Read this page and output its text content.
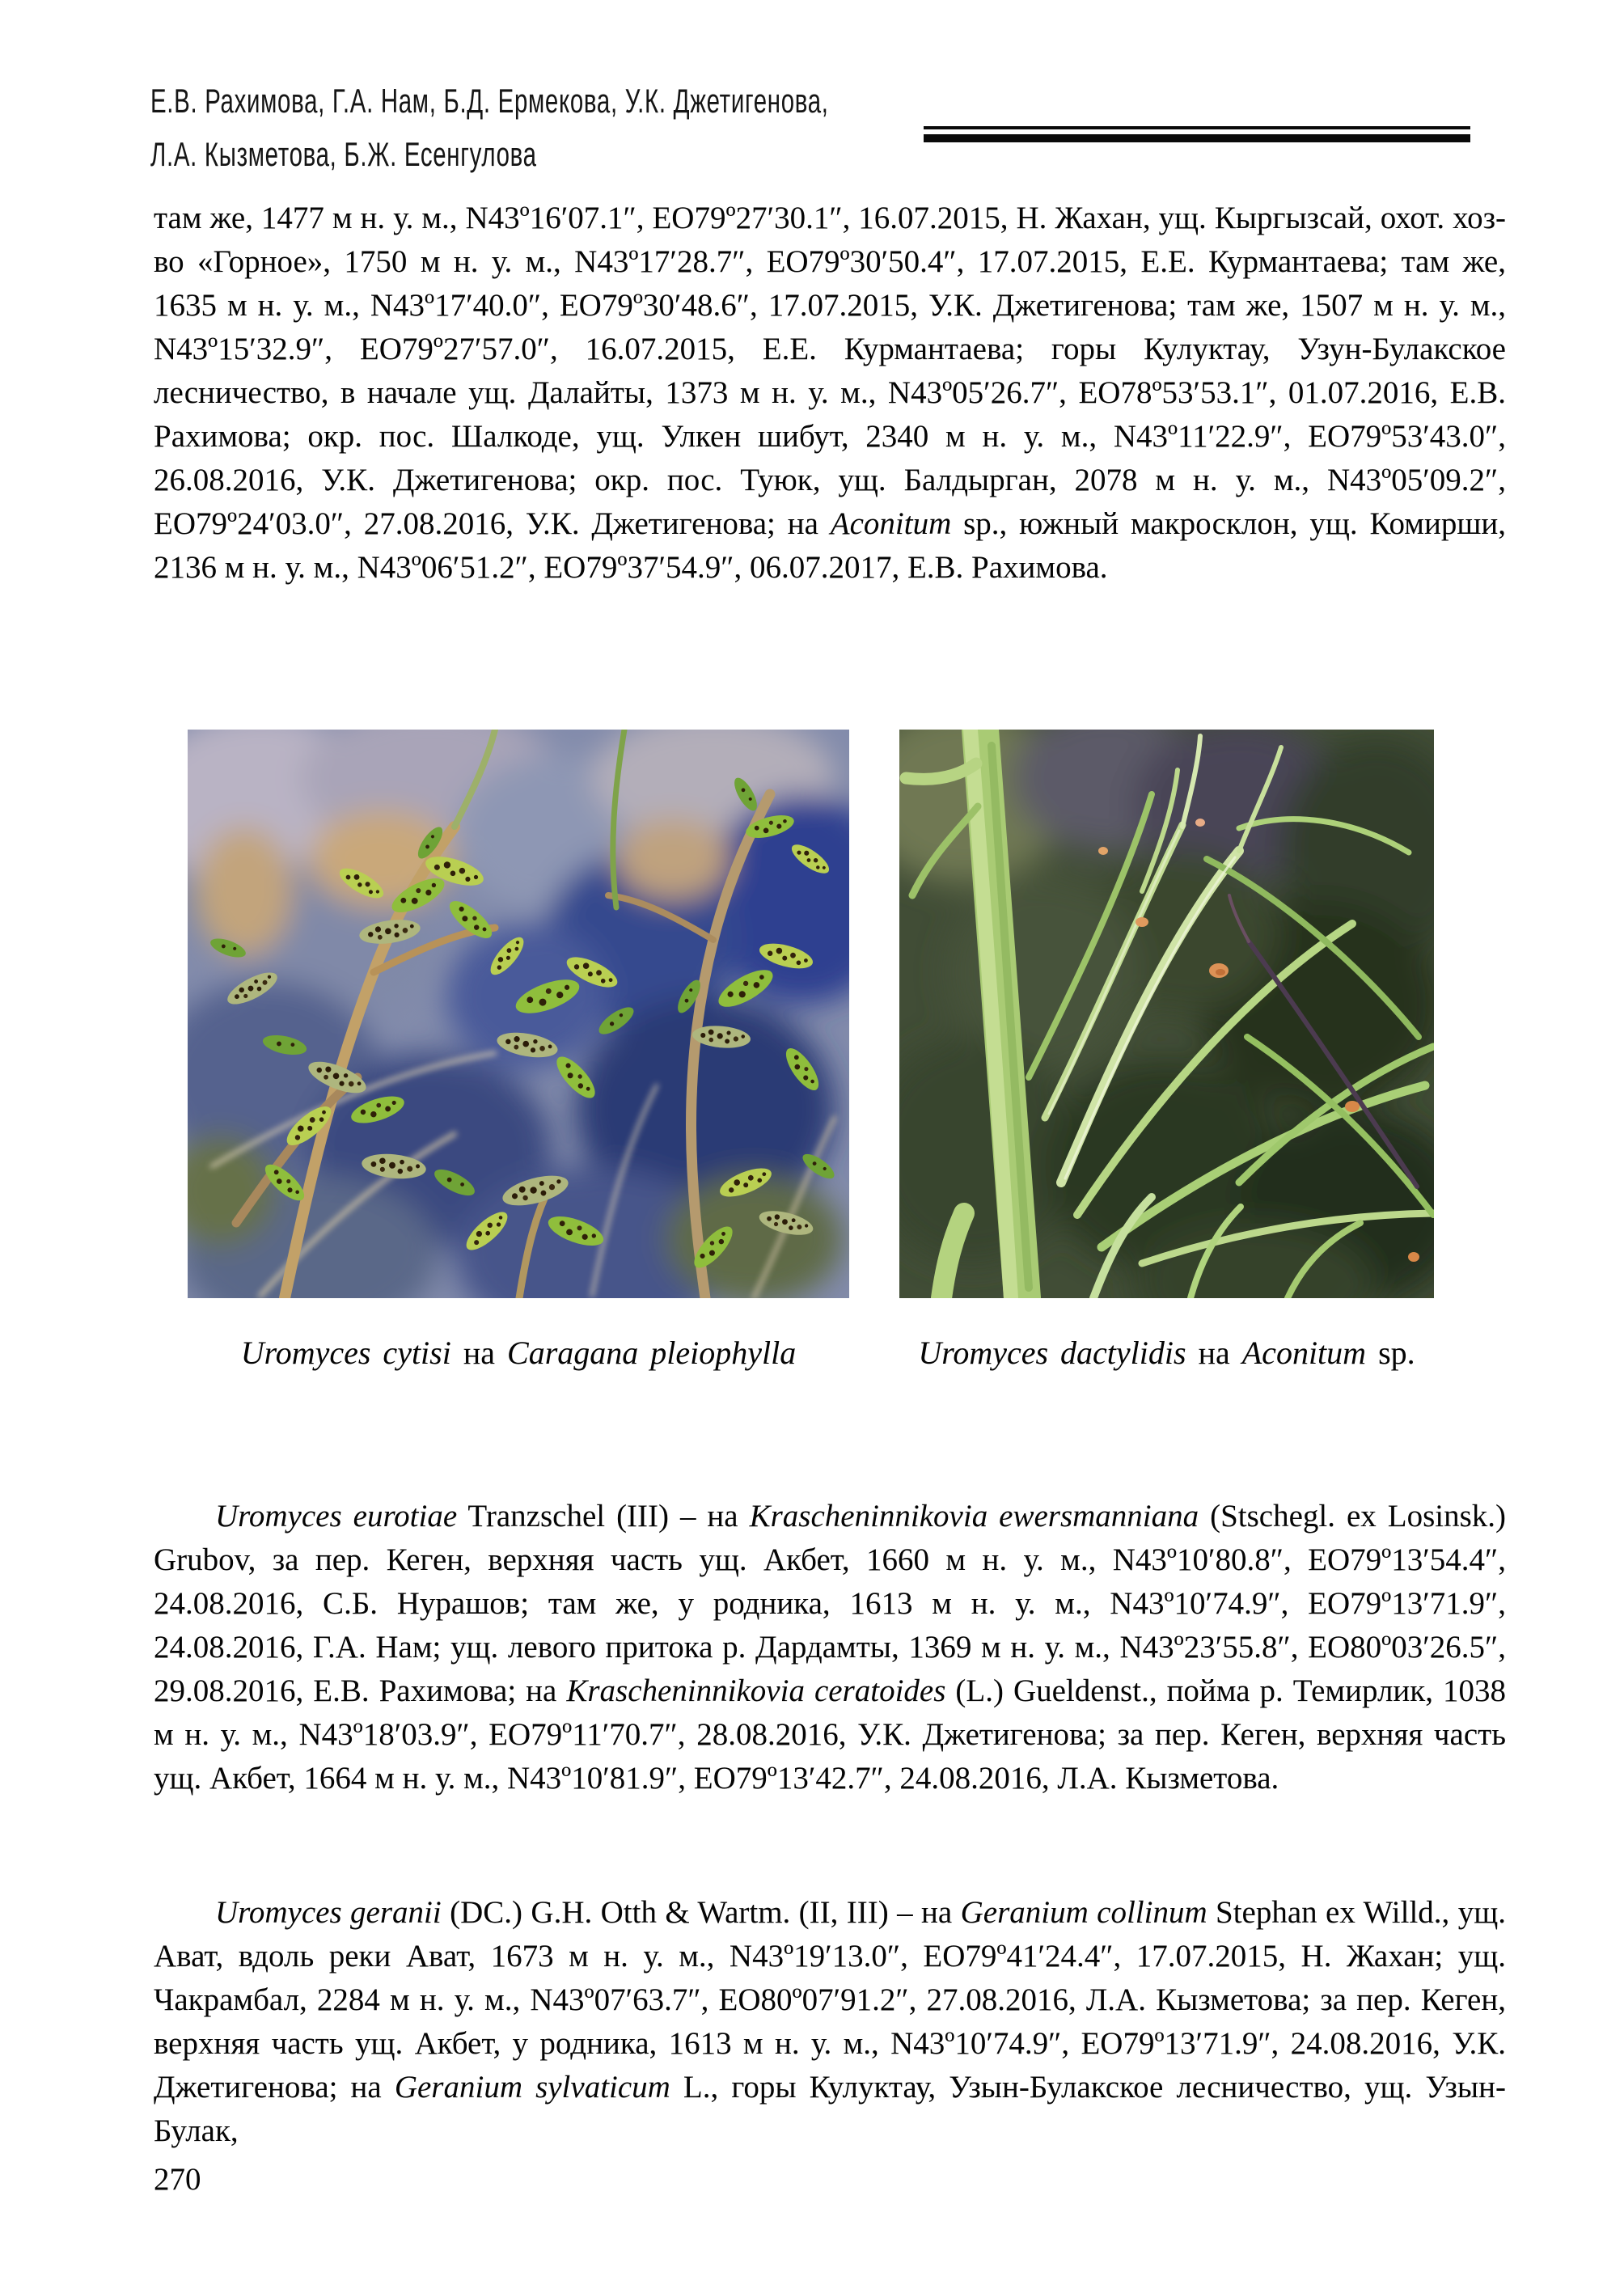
Е.В. Рахимова, Г.А. Нам, Б.Д. Ермекова, У.К. Джетигенова,
Л.А. Кызметова, Б.Ж. Есенгулова

там же, 1477 м н. у. м., N43º16′07.1″, ЕО79º27′30.1″, 16.07.2015, Н. Жахан, ущ. Кыргызсай, охот. хоз-во «Горное», 1750 м н. у. м., N43º17′28.7″, ЕО79º30′50.4″, 17.07.2015, Е.Е. Курмантаева; там же, 1635 м н. у. м., N43º17′40.0″, ЕО79º30′48.6″, 17.07.2015, У.К. Джетигенова; там же, 1507 м н. у. м., N43º15′32.9″, ЕО79º27′57.0″, 16.07.2015, Е.Е. Курмантаева; горы Кулуктау, Узун-Булакское лесничество, в начале ущ. Далайты, 1373 м н. у. м., N43º05′26.7″, ЕО78º53′53.1″, 01.07.2016, Е.В. Рахимова; окр. пос. Шалкоде, ущ. Улкен шибут, 2340 м н. у. м., N43º11′22.9″, ЕО79º53′43.0″, 26.08.2016, У.К. Джетигенова; окр. пос. Туюк, ущ. Балдырган, 2078 м н. у. м., N43º05′09.2″, ЕО79º24′03.0″, 27.08.2016, У.К. Джетигенова; на Aconitum sp., южный макросклон, ущ. Комирши, 2136 м н. у. м., N43º06′51.2″, ЕО79º37′54.9″, 06.07.2017, Е.В. Рахимова.

Uromyces cytisi на Caragana pleiophylla	Uromyces dactylidis на Aconitum sp.

Uromyces eurotiae Tranzschel (III) – на Krascheninnikovia ewersmanniana (Stschegl. ex Losinsk.) Grubov, за пер. Кеген, верхняя часть ущ. Акбет, 1660 м н. у. м., N43º10′80.8″, ЕО79º13′54.4″, 24.08.2016, С.Б. Нурашов; там же, у родника, 1613 м н. у. м., N43º10′74.9″, ЕО79º13′71.9″, 24.08.2016, Г.А. Нам; ущ. левого притока р. Дардамты, 1369 м н. у. м., N43º23′55.8″, ЕО80º03′26.5″, 29.08.2016, Е.В. Рахимова; на Krascheninnikovia ceratoides (L.) Gueldenst., пойма р. Темирлик, 1038 м н. у. м., N43º18′03.9″, ЕО79º11′70.7″, 28.08.2016, У.К. Джетигенова; за пер. Кеген, верхняя часть ущ. Акбет, 1664 м н. у. м., N43º10′81.9″, ЕО79º13′42.7″, 24.08.2016, Л.А. Кызметова.

Uromyces geranii (DC.) G.H. Otth & Wartm. (II, III) – на Geranium collinum Stephan ex Willd., ущ. Ават, вдоль реки Ават, 1673 м н. у. м., N43º19′13.0″, ЕО79º41′24.4″, 17.07.2015, Н. Жахан; ущ. Чакрамбал, 2284 м н. у. м., N43º07′63.7″, ЕО80º07′91.2″, 27.08.2016, Л.А. Кызметова; за пер. Кеген, верхняя часть ущ. Акбет, у родника, 1613 м н. у. м., N43º10′74.9″, ЕО79º13′71.9″, 24.08.2016, У.К. Джетигенова; на Geranium sylvaticum L., горы Кулуктау, Узын-Булакское лесничество, ущ. Узын-Булак,

270
